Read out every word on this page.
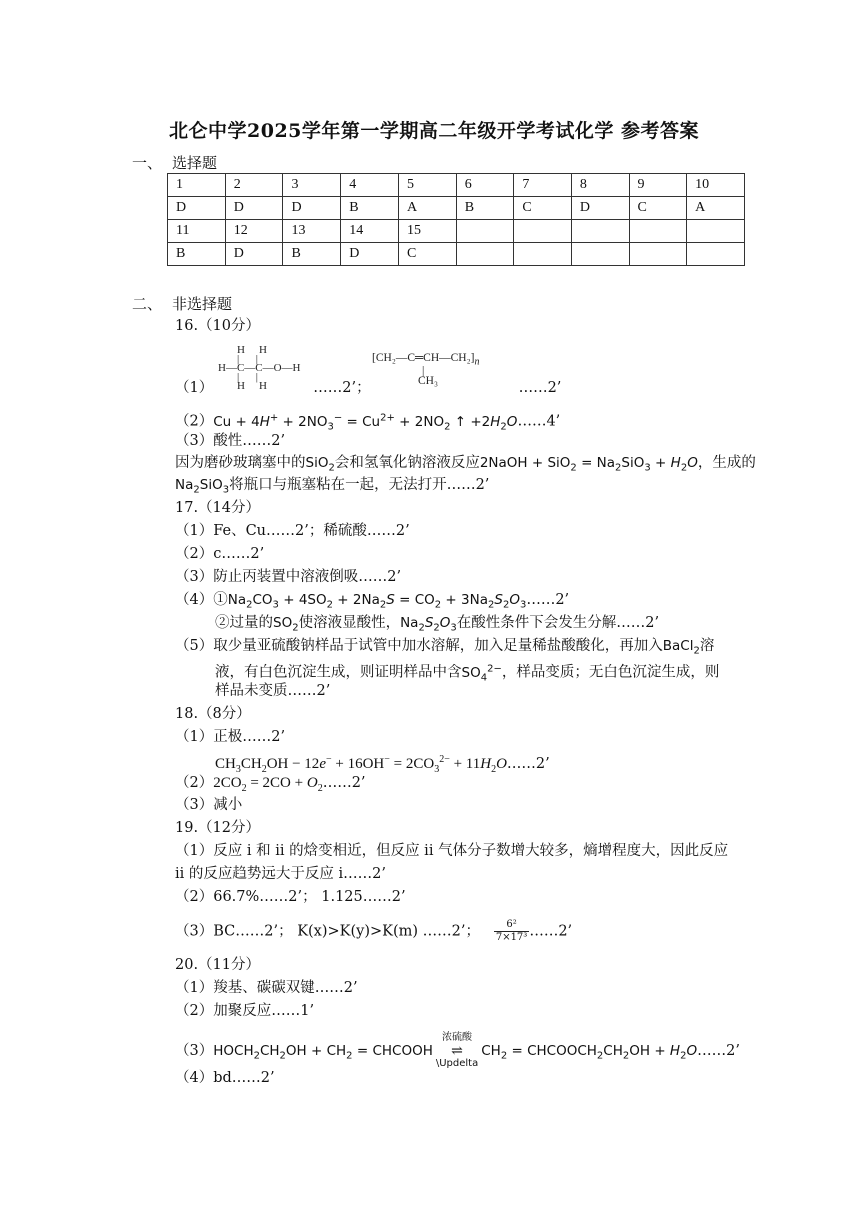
北仑中学2025学年第一学期高二年级开学考试化学 参考答案
一、 选择题
1	2	3	4	5	6	7	8	9	10
D	D	D	B	A	B	C	D	C	A
11	12	13	14	15					
B	D	B	D	C					
二、 非选择题
16.（10分）
H H
|      |
H—C—C—O—H
|      |
H H
$[CH_2—C═CH—CH_2]_n$
|
CH₃
（1）	……2’；	……2’
$(2)Cu + 4H^+ + 2NO_3^- = Cu^{2+} + 2NO_2$ ↑ $+2H_2O\dots\dots 4$’
（3）酸性……2’
因为磨砂玻璃塞中的SiO$_2$会和氢氧化钠溶液反应2NaOH + $SiO_2 = Na_2SiO_3 + H_2O$，生成的
$Na_2SiO_3$将瓶口与瓶塞粘在一起，无法打开……2’
17.（14分）
（1）Fe、Cu……2’；稀硫酸……2’
（2）c……2’
（3）防止丙装置中溶液倒吸……2’
$(4)①Na_2CO_3 + 4SO_2 + 2Na_2S = CO_2$ + $3Na_2S_2O_3\dots\dots 2$’
②过量的$SO_2$使溶液显酸性，$Na_2S_2O_3$在酸性条件下会发生分解……2’
（5）取少量亚硫酸钠样品于试管中加水溶解，加入足量稀盐酸酸化，再加入BaCl$_2$溶
液，有白色沉淀生成，则证明样品中含$SO_4^{2-}$，样品变质；无白色沉淀生成，则
样品未变质……2’
18.（8分）
（1）正极……2’
$CH_3CH_2OH - 12e^- + 16OH^- = 2CO_3^{2-}$ + $11H_2O\dots\dots 2$’
$(2)2CO_2 = 2CO$ + $O_2\dots\dots 2$’
（3）减小
19.（12分）
（1）反应 i 和 ii 的焓变相近，但反应 ii 气体分子数增大较多，熵增程度大，因此反应
ii 的反应趋势远大于反应 i……2’
（2）66.7%……2’； 1.125……2’
（3）BC……2’； K(x)>K(y)>K(m) ……2’； $\frac{\text{6²}}{\text{7×17³}}$ ……2’
20.（11分）
（1）羧基、碳碳双键……2’
（2）加聚反应……1’
$(3)HOCH_2CH_2OH + CH_2$ = CHCOOH
浓硫酸
⇌
\Updelta
$CH_2$ = $CHCOOCH_2CH_2OH$ + $H_2O\dots\dots 2$’
（4）bd……2’
